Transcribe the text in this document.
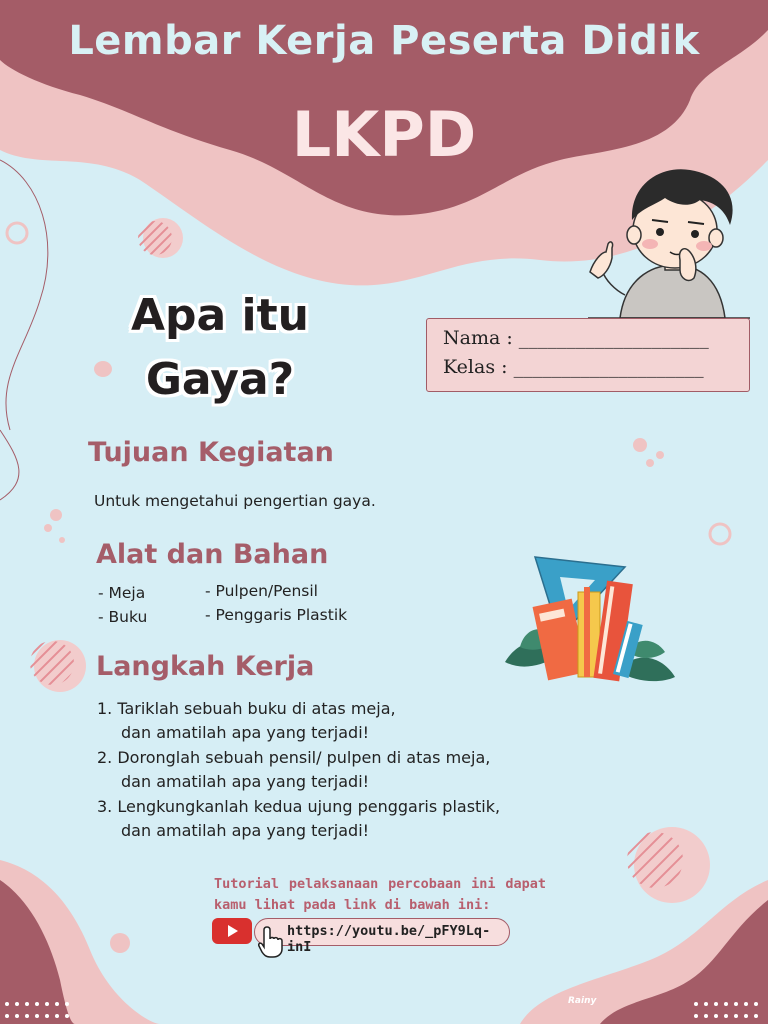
Lembar Kerja Peserta Didik
LKPD
Apa itu
Gaya?
Nama : ____________________
Kelas : ____________________
Tujuan Kegiatan
Untuk mengetahui pengertian gaya.
Alat dan Bahan
- Meja
- Buku
- Pulpen/Pensil
- Penggaris Plastik
Langkah Kerja
1. Tariklah sebuah buku di atas meja,
dan amatilah apa yang terjadi!
2. Doronglah sebuah pensil/ pulpen di atas meja,
dan amatilah apa yang terjadi!
3. Lengkungkanlah kedua ujung penggaris plastik,
dan amatilah apa yang terjadi!
Tutorial pelaksanaan percobaan ini dapat kamu lihat pada link di bawah ini:
https://youtu.be/_pFY9Lq-inI
Rainy
